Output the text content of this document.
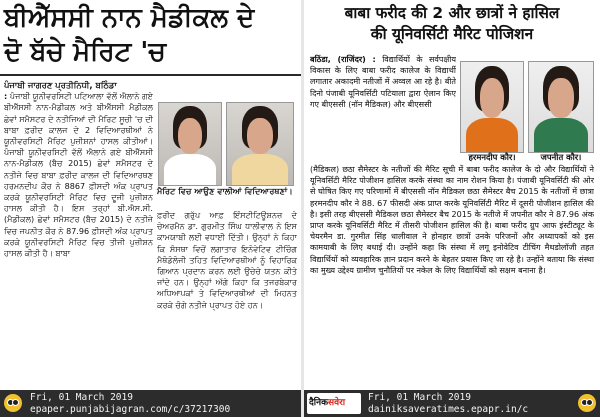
ਬੀਐੱਸਸੀ ਨਾਨ ਮੈਡੀਕਲ ਦੇ
ਦੋ ਬੱਚੇ ਮੈਰਿਟ 'ਚ
ਪੰਜਾਬੀ ਜਾਗਰਣ ਪ੍ਰਤੀਨਿਧੀ, ਬਠਿੰਡਾ

: ਪੰਜਾਬੀ ਯੂਨੀਵਰਸਿਟੀ ਪਟਿਆਲਾ ਵੱਲੋਂ ਐਲਾਨੇ ਗਏ ਬੀਐੱਸਸੀ ਨਾਨ-ਮੈਡੀਕਲ ਅਤੇ ਬੀਐੱਸਸੀ ਮੈਡੀਕਲ ਛੇਵਾਂ ਸਮੈਸਟਰ ਦੇ ਨਤੀਜਿਆਂ ਦੀ ਮੈਰਿਟ ਸੂਚੀ 'ਚ ਦੀ ਬਾਬਾ ਫ਼ਰੀਦ ਕਾਲਜ ਦੇ 2 ਵਿਦਿਆਰਥੀਆਂ ਨੇ ਯੂਨੀਵਰਸਿਟੀ ਮੈਰਿਟ ਪੁਜ਼ੀਸ਼ਨਾਂ ਹਾਸਲ ਕੀਤੀਆਂ। ਪੰਜਾਬੀ ਯੂਨੀਵਰਸਿਟੀ ਵੱਲੋਂ ਐਲਾਨੇ ਗਏ ਬੀਐੱਸਸੀ ਨਾਨ-ਮੈਡੀਕਲ (ਬੈਚ 2015) ਛੇਵਾਂ ਸਮੈਸਟਰ ਦੇ ਨਤੀਜੇ ਵਿਚ ਬਾਬਾ ਫ਼ਰੀਦ ਕਾਲਜ ਦੀ ਵਿਦਿਆਰਥਣ ਹਰਮਨਦੀਪ ਕੌਰ ਨੇ 8867 ਫ਼ੀਸਦੀ ਅੰਕ ਪ੍ਰਾਪਤ ਕਰਕੇ ਯੂਨੀਵਰਸਿਟੀ ਮੈਰਿਟ ਵਿਚ ਦੂਜੀ ਪੁਜ਼ੀਸ਼ਨ ਹਾਸਲ ਕੀਤੀ ਹੈ। ਇਸ ਤਰ੍ਹਾਂ ਬੀ.ਐਸ.ਸੀ. (ਮੈਡੀਕਲ) ਛੇਵਾਂ ਸਮੈਸਟਰ (ਬੈਚ 2015) ਦੇ ਨਤੀਜੇ ਵਿਚ ਜਪਨੀਤ ਕੌਰ ਨੇ 87.96 ਫ਼ੀਸਦੀ ਅੰਕ ਪ੍ਰਾਪਤ ਕਰਕੇ ਯੂਨੀਵਰਸਿਟੀ ਮੈਰਿਟ ਵਿਚ ਤੀਜੀ ਪੁਜ਼ੀਸ਼ਨ ਹਾਸਲ ਕੀਤੀ ਹੈ। ਬਾਬਾ

ਮੈਰਿਟ ਵਿਚ ਆਉਣ ਵਾਲੀਆਂ ਵਿਦਿਆਰਥਣਾਂ।

ਫ਼ਰੀਦ ਗਰੁੱਪ ਆਫ਼ ਇੰਸਟੀਟਿਊਸ਼ਨਜ਼ ਦੇ ਚੇਅਰਮੈਨ ਡਾ. ਗੁਰਮੀਤ ਸਿੰਘ ਧਾਲੀਵਾਲ ਨੇ ਇਸ ਕਾਮਯਾਬੀ ਲਈ ਵਧਾਈ ਦਿੱਤੀ। ਉਨ੍ਹਾਂ ਨੇ ਕਿਹਾ ਕਿ ਸੰਸਥਾ ਵਿਚੋਂ ਲਗਾਤਾਰ ਇਨੋਵੇਟਿਵ ਟੀਚਿੰਗ ਮੈਥੋਡੋਲੋਜੀ ਤਹਿਤ ਵਿਦਿਆਰਥੀਆਂ ਨੂੰ ਵਿਹਾਰਿਕ ਗਿਆਨ ਪ੍ਰਦਾਨ ਕਰਨ ਲਈ ਉਚੇਚੇ ਯਤਨ ਕੀਤੇ ਜਾਂਦੇ ਹਨ। ਉਨ੍ਹਾਂ ਅੱਗੇ ਕਿਹਾ ਕਿ ਤਜਰਬੇਕਾਰ ਅਧਿਆਪਕਾਂ ਤੇ ਵਿਦਿਆਰਥੀਆਂ ਦੀ ਮਿਹਨਤ ਕਰਕੇ ਚੰਗੇ ਨਤੀਜੇ ਪ੍ਰਾਪਤ ਹੋਏ ਹਨ।

Fri, 01 March 2019
epaper.punjabijagran.com/c/37217300
बाबा फरीद की 2 और छात्रों ने हासिल
की यूनिवर्सिटी मैरिट पोजिशन

बठिंडा, (राजिंदर) : विद्यार्थियों के सर्वपक्षीय विकास के लिए बाबा फरीद कालेज के विद्यार्थी लगातार अकादमी नतीजों में अव्वल आ रहे है। बीते दिनो पंजाबी यूनिवर्सिटी पटियाला द्वारा ऐलान किए गए बीएससी (नॉन मैडिकल) और बीएससी

हरमनदीप कौर।	जपनीत कौर।

(मैडिकल) छठा सैमेस्टर के नतीजों की मैरिट सूची में बाबा फरीद कालेज के दो और विद्यार्थियों ने यूनिवर्सिटी मैरिट पोजीशन हासिल करके संस्था का नाम रोशन किया है। पंजाबी यूनिवर्सिटी की ओर से घोषित किए गए परिणामों में बीएससी नॉन मैडिकल छठा सैमेस्टर बैच 2015 के नतीजों में छात्रा हरमनदीप कौर ने 88. 67 फीसदी अंक प्राप्त करके यूनिवर्सिटी मैरिट में दूसरी पोजीशन हासिल की है। इसी तरह बीएससी मैडिकल छठा सैमेस्टर बैच 2015 के नतीजे में जपनीत कौर ने 87.96 अंक प्राप्त करके यूनिवर्सिटी मैरिट में तीसरी पोजीशन हासिल की है। बाबा फरीद ग्रुप आफ इंस्टीट्यूट के चेयरमैन डा. गुरमीत सिंह धालीवाल ने होनहार छात्रों उनके परिजनों और अध्यापकों को इस कामयाबी के लिए बधाई दी। उन्होंने कहा कि संस्था में लगू इनोवेटिव टीचिंग मैथडोलॉजी तहत विद्यार्थियों को व्यवहारिक ज्ञान प्रदान करने के बेहतर प्रयास किए जा रहे है। उन्होंने बताया कि संस्था का मुख्य उद्देश्य ग्रामीण चुनौतियों पर नकेल के लिए विद्यार्थियों को सक्षम बनाना है।

दैनिकसवेरा	Fri, 01 March 2019
dainiksaveratimes.epapr.in/c
